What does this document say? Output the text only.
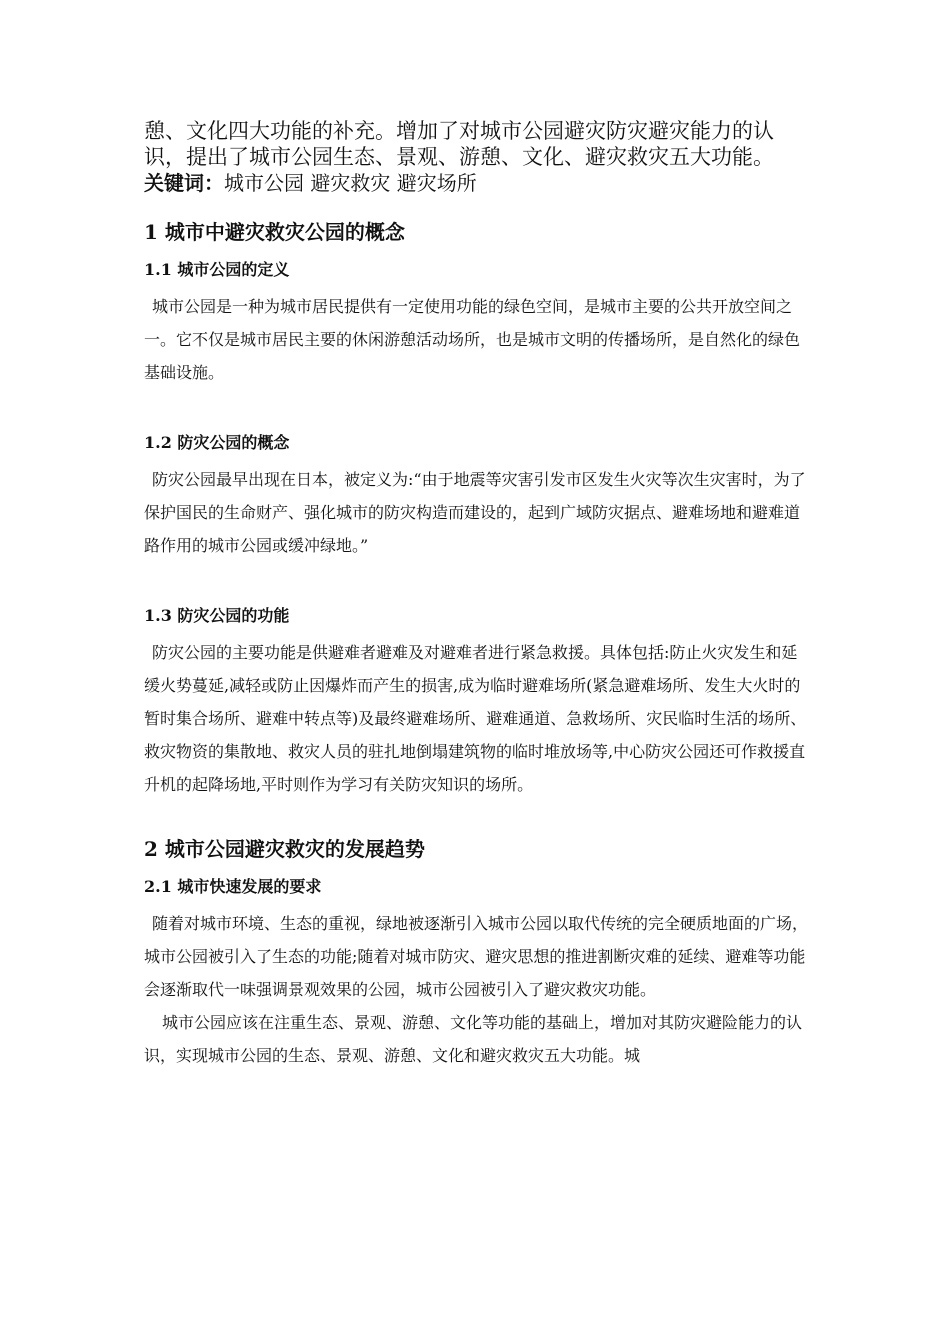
憩、文化四大功能的补充。增加了对城市公园避灾防灾避灾能力的认识，提出了城市公园生态、景观、游憩、文化、避灾救灾五大功能。

关键词：城市公园 避灾救灾 避灾场所

1 城市中避灾救灾公园的概念
1.1 城市公园的定义

城市公园是一种为城市居民提供有一定使用功能的绿色空间，是城市主要的公共开放空间之一。它不仅是城市居民主要的休闲游憩活动场所，也是城市文明的传播场所，是自然化的绿色基础设施。

1.2 防灾公园的概念

防灾公园最早出现在日本，被定义为:“由于地震等灾害引发市区发生火灾等次生灾害时，为了保护国民的生命财产、强化城市的防灾构造而建设的，起到广域防灾据点、避难场地和避难道路作用的城市公园或缓冲绿地。”

1.3 防灾公园的功能

防灾公园的主要功能是供避难者避难及对避难者进行紧急救援。具体包括:防止火灾发生和延缓火势蔓延,减轻或防止因爆炸而产生的损害,成为临时避难场所(紧急避难场所、发生大火时的暂时集合场所、避难中转点等)及最终避难场所、避难通道、急救场所、灾民临时生活的场所、救灾物资的集散地、救灾人员的驻扎地倒塌建筑物的临时堆放场等,中心防灾公园还可作救援直升机的起降场地,平时则作为学习有关防灾知识的场所。

2 城市公园避灾救灾的发展趋势
2.1 城市快速发展的要求

随着对城市环境、生态的重视，绿地被逐渐引入城市公园以取代传统的完全硬质地面的广场，城市公园被引入了生态的功能;随着对城市防灾、避灾思想的推进割断灾难的延续、避难等功能会逐渐取代一味强调景观效果的公园，城市公园被引入了避灾救灾功能。

城市公园应该在注重生态、景观、游憩、文化等功能的基础上，增加对其防灾避险能力的认识，实现城市公园的生态、景观、游憩、文化和避灾救灾五大功能。城
